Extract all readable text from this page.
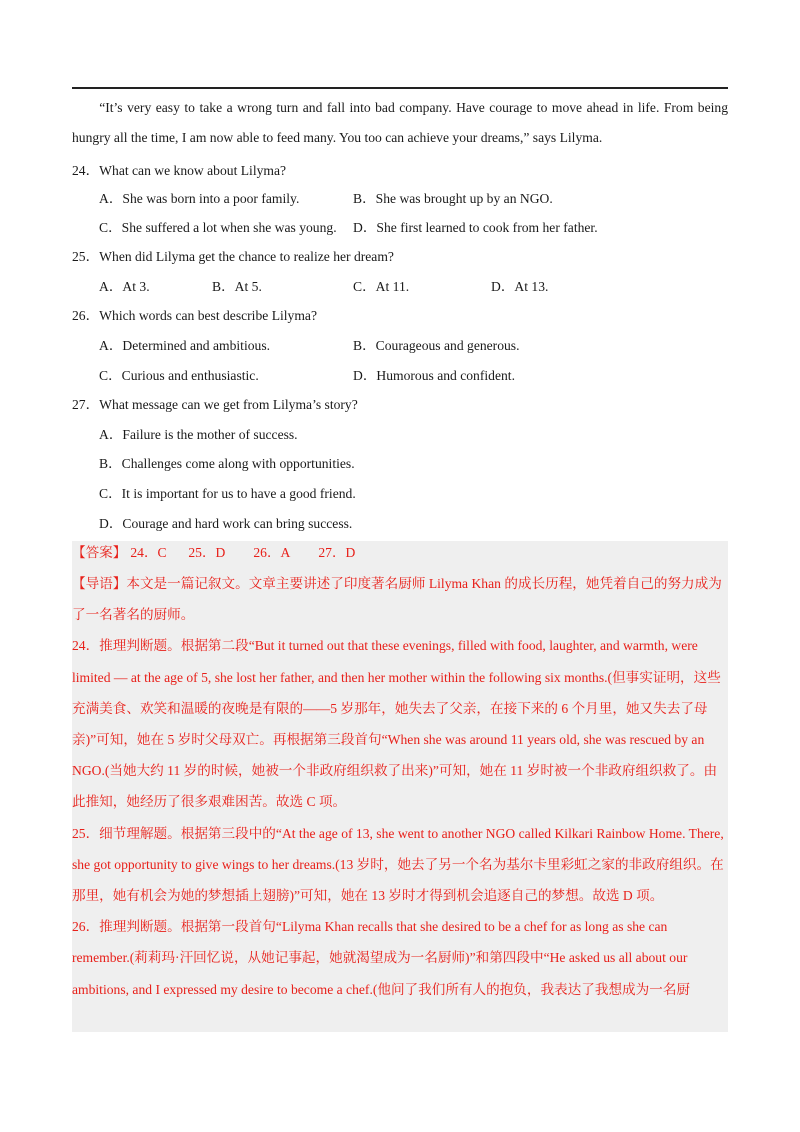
“It’s very easy to take a wrong turn and fall into bad company. Have courage to move ahead in life. From being hungry all the time, I am now able to feed many. You too can achieve your dreams,” says Lilyma.
24．What can we know about Lilyma?
A．She was born into a poor family.	B．She was brought up by an NGO.
C．She suffered a lot when she was young. D．She first learned to cook from her father.
25．When did Lilyma get the chance to realize her dream?
A．At 3.	B．At 5.	C．At 11.	D．At 13.
26．Which words can best describe Lilyma?
A．Determined and ambitious.	B．Courageous and generous.
C．Curious and enthusiastic.	D．Humorous and confident.
27．What message can we get from Lilyma’s story?
A．Failure is the mother of success.
B．Challenges come along with opportunities.
C．It is important for us to have a good friend.
D．Courage and hard work can bring success.
【答案】 24．C 25．D 26．A 27．D

【导语】本文是一篇记叙文。文章主要讲述了印度著名厨师 Lilyma Khan 的成长历程，她凭着自己的努力成为了一名著名的厨师。

24．推理判断题。根据第二段“But it turned out that these evenings, filled with food, laughter, and warmth, were limited — at the age of 5, she lost her father, and then her mother within the following six months.(但事实证明，这些充满美食、欢笑和温暖的夜晚是有限的——5 岁那年，她失去了父亲，在接下来的 6 个月里，她又失去了母亲)”可知，她在 5 岁时父母双亡。再根据第三段首句“When she was around 11 years old, she was rescued by an NGO.(当她大约 11 岁的时候，她被一个非政府组织救了出来)”可知，她在 11 岁时被一个非政府组织救了。由此推知，她经历了很多艰难困苦。故选 C 项。

25．细节理解题。根据第三段中的“At the age of 13, she went to another NGO called Kilkari Rainbow Home. There, she got opportunity to give wings to her dreams.(13 岁时，她去了另一个名为基尔卡里彩虹之家的非政府组织。在那里，她有机会为她的梦想插上翅膀)”可知，她在 13 岁时才得到机会追逐自己的梦想。故选 D 项。

26．推理判断题。根据第一段首句“Lilyma Khan recalls that she desired to be a chef for as long as she can remember.(莉莉玛·汗回忆说，从她记事起，她就渴望成为一名厨师)”和第四段中“He asked us all about our ambitions, and I expressed my desire to become a chef.(他问了我们所有人的抱负，我表达了我想成为一名厨
